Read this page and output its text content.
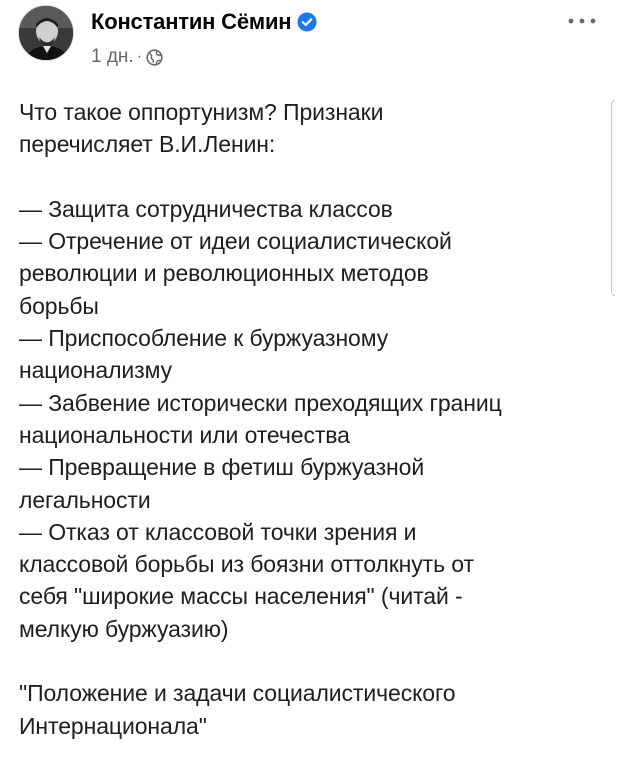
Константин Сёмин
1 дн. ·
Что такое оппортунизм? Признаки
перечисляет В.И.Ленин:

— Защита сотрудничества классов
— Отречение от идеи социалистической
революции и революционных методов
борьбы
— Приспособление к буржуазному
национализму
— Забвение исторически преходящих границ
национальности или отечества
— Превращение в фетиш буржуазной
легальности
— Отказ от классовой точки зрения и
классовой борьбы из боязни оттолкнуть от
себя "широкие массы населения" (читай -
мелкую буржуазию)

"Положение и задачи социалистического
Интернационала"
